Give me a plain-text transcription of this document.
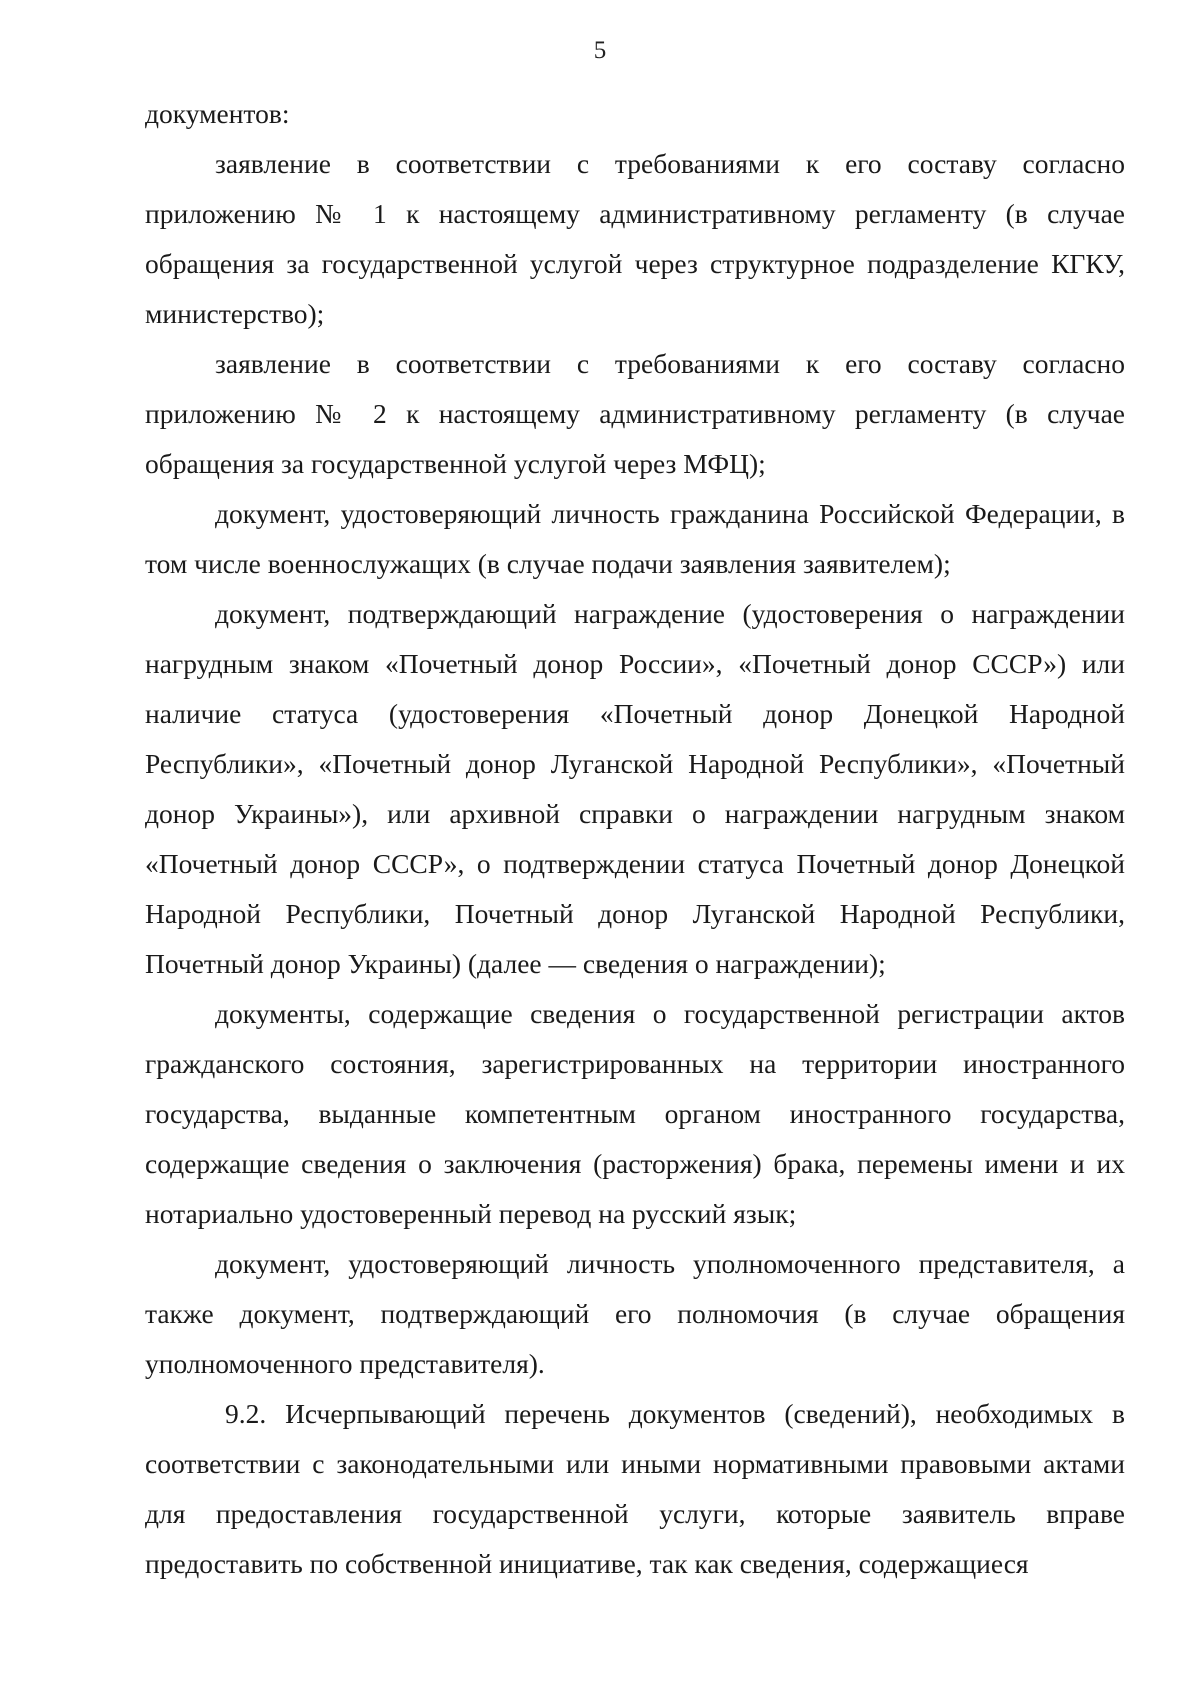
5

документов:

заявление в соответствии с требованиями к его составу согласно приложению № 1 к настоящему административному регламенту (в случае обращения за государственной услугой через структурное подразделение КГКУ, министерство);

заявление в соответствии с требованиями к его составу согласно приложению № 2 к настоящему административному регламенту (в случае обращения за государственной услугой через МФЦ);

документ, удостоверяющий личность гражданина Российской Федерации, в том числе военнослужащих (в случае подачи заявления заявителем);

документ, подтверждающий награждение (удостоверения о награждении нагрудным знаком «Почетный донор России», «Почетный донор СССР») или наличие статуса (удостоверения «Почетный донор Донецкой Народной Республики», «Почетный донор Луганской Народной Республики», «Почетный донор Украины»), или архивной справки о награждении нагрудным знаком «Почетный донор СССР», о подтверждении статуса Почетный донор Донецкой Народной Республики, Почетный донор Луганской Народной Республики, Почетный донор Украины) (далее — сведения о награждении);

документы, содержащие сведения о государственной регистрации актов гражданского состояния, зарегистрированных на территории иностранного государства, выданные компетентным органом иностранного государства, содержащие сведения о заключения (расторжения) брака, перемены имени и их нотариально удостоверенный перевод на русский язык;

документ, удостоверяющий личность уполномоченного представителя, а также документ, подтверждающий его полномочия (в случае обращения уполномоченного представителя).

9.2. Исчерпывающий перечень документов (сведений), необходимых в соответствии с законодательными или иными нормативными правовыми актами для предоставления государственной услуги, которые заявитель вправе предоставить по собственной инициативе, так как сведения, содержащиеся
